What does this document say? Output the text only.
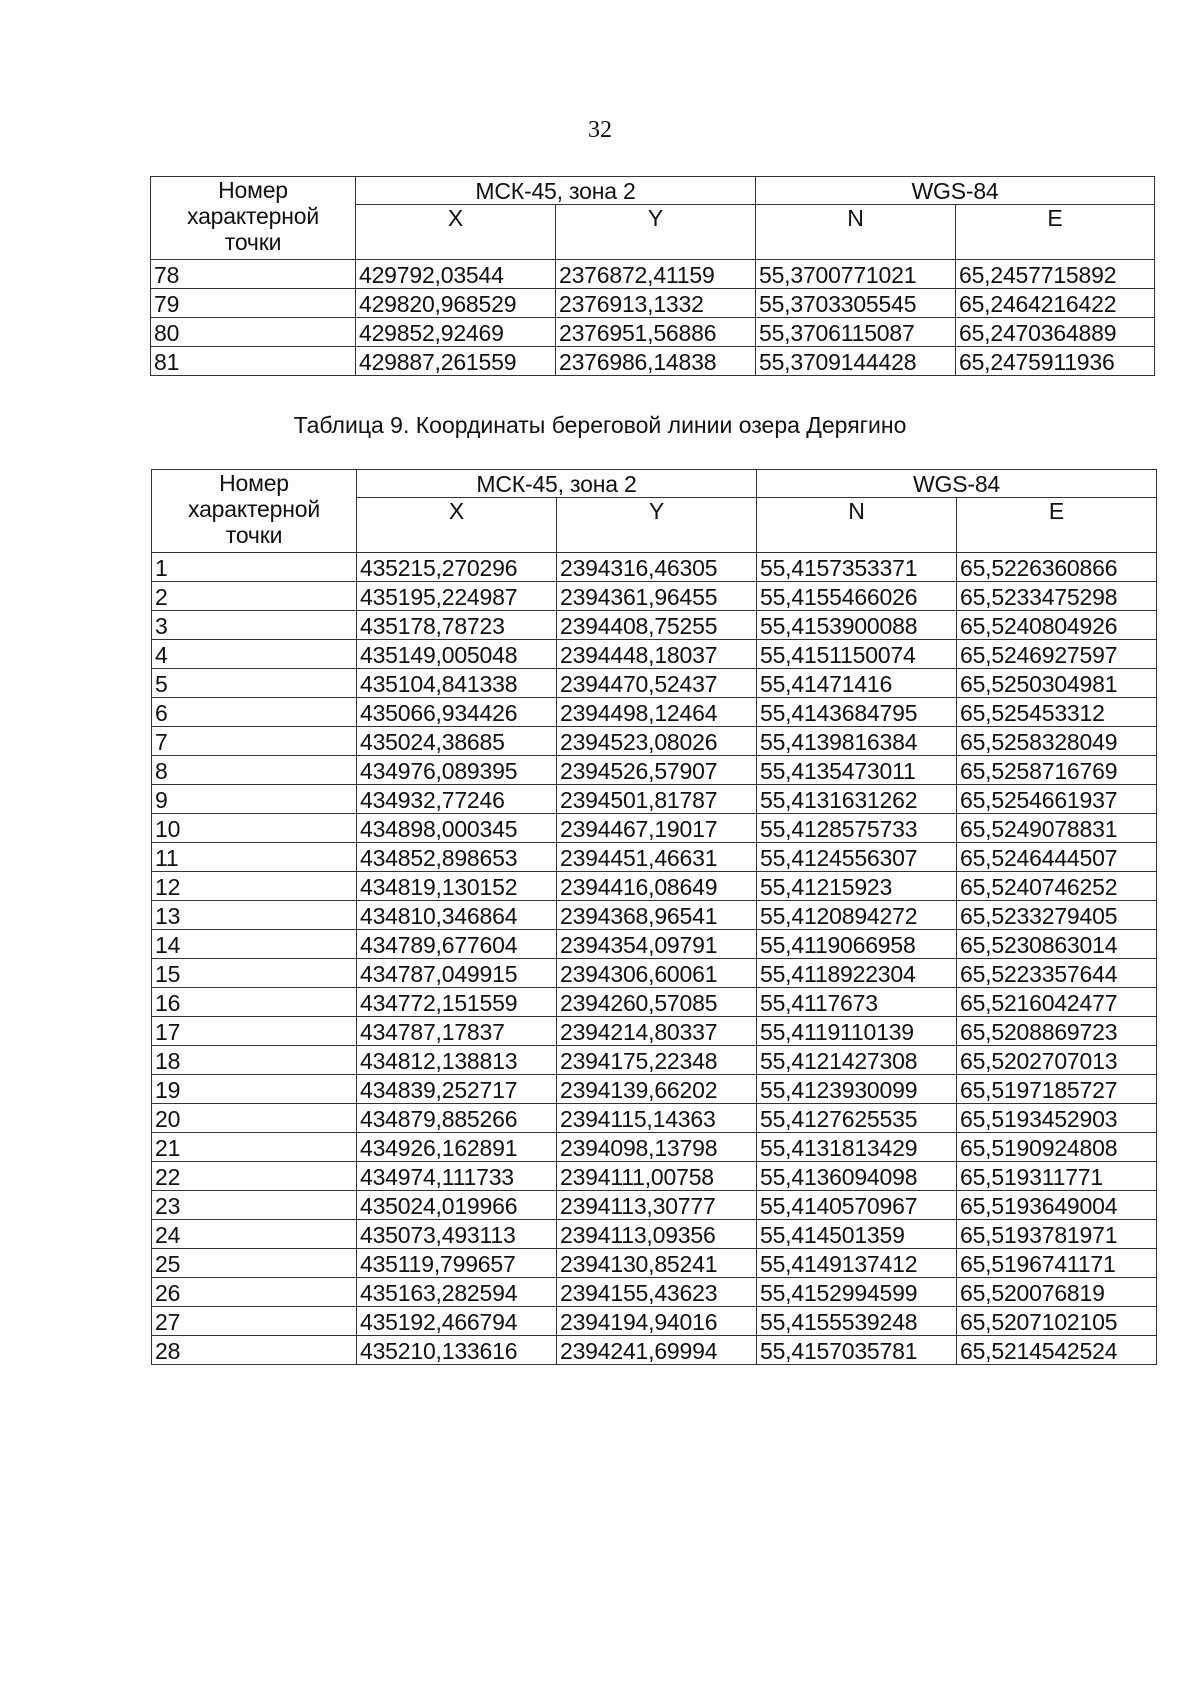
32
Номер
характерной
точки	МСК-45, зона 2		WGS-84	
	X	Y	N	E
78	429792,03544	2376872,41159	55,3700771021	65,2457715892
79	429820,968529	2376913,1332	55,3703305545	65,2464216422
80	429852,92469	2376951,56886	55,3706115087	65,2470364889
81	429887,261559	2376986,14838	55,3709144428	65,2475911936
Таблица 9. Координаты береговой линии озера Дерягино
Номер
характерной
точки	МСК-45, зона 2		WGS-84	
	X	Y	N	E
1	435215,270296	2394316,46305	55,4157353371	65,5226360866
2	435195,224987	2394361,96455	55,4155466026	65,5233475298
3	435178,78723	2394408,75255	55,4153900088	65,5240804926
4	435149,005048	2394448,18037	55,4151150074	65,5246927597
5	435104,841338	2394470,52437	55,41471416	65,5250304981
6	435066,934426	2394498,12464	55,4143684795	65,525453312
7	435024,38685	2394523,08026	55,4139816384	65,5258328049
8	434976,089395	2394526,57907	55,4135473011	65,5258716769
9	434932,77246	2394501,81787	55,4131631262	65,5254661937
10	434898,000345	2394467,19017	55,4128575733	65,5249078831
11	434852,898653	2394451,46631	55,4124556307	65,5246444507
12	434819,130152	2394416,08649	55,41215923	65,5240746252
13	434810,346864	2394368,96541	55,4120894272	65,5233279405
14	434789,677604	2394354,09791	55,4119066958	65,5230863014
15	434787,049915	2394306,60061	55,4118922304	65,5223357644
16	434772,151559	2394260,57085	55,4117673	65,5216042477
17	434787,17837	2394214,80337	55,4119110139	65,5208869723
18	434812,138813	2394175,22348	55,4121427308	65,5202707013
19	434839,252717	2394139,66202	55,4123930099	65,5197185727
20	434879,885266	2394115,14363	55,4127625535	65,5193452903
21	434926,162891	2394098,13798	55,4131813429	65,5190924808
22	434974,111733	2394111,00758	55,4136094098	65,519311771
23	435024,019966	2394113,30777	55,4140570967	65,5193649004
24	435073,493113	2394113,09356	55,414501359	65,5193781971
25	435119,799657	2394130,85241	55,4149137412	65,5196741171
26	435163,282594	2394155,43623	55,4152994599	65,520076819
27	435192,466794	2394194,94016	55,4155539248	65,5207102105
28	435210,133616	2394241,69994	55,4157035781	65,5214542524
